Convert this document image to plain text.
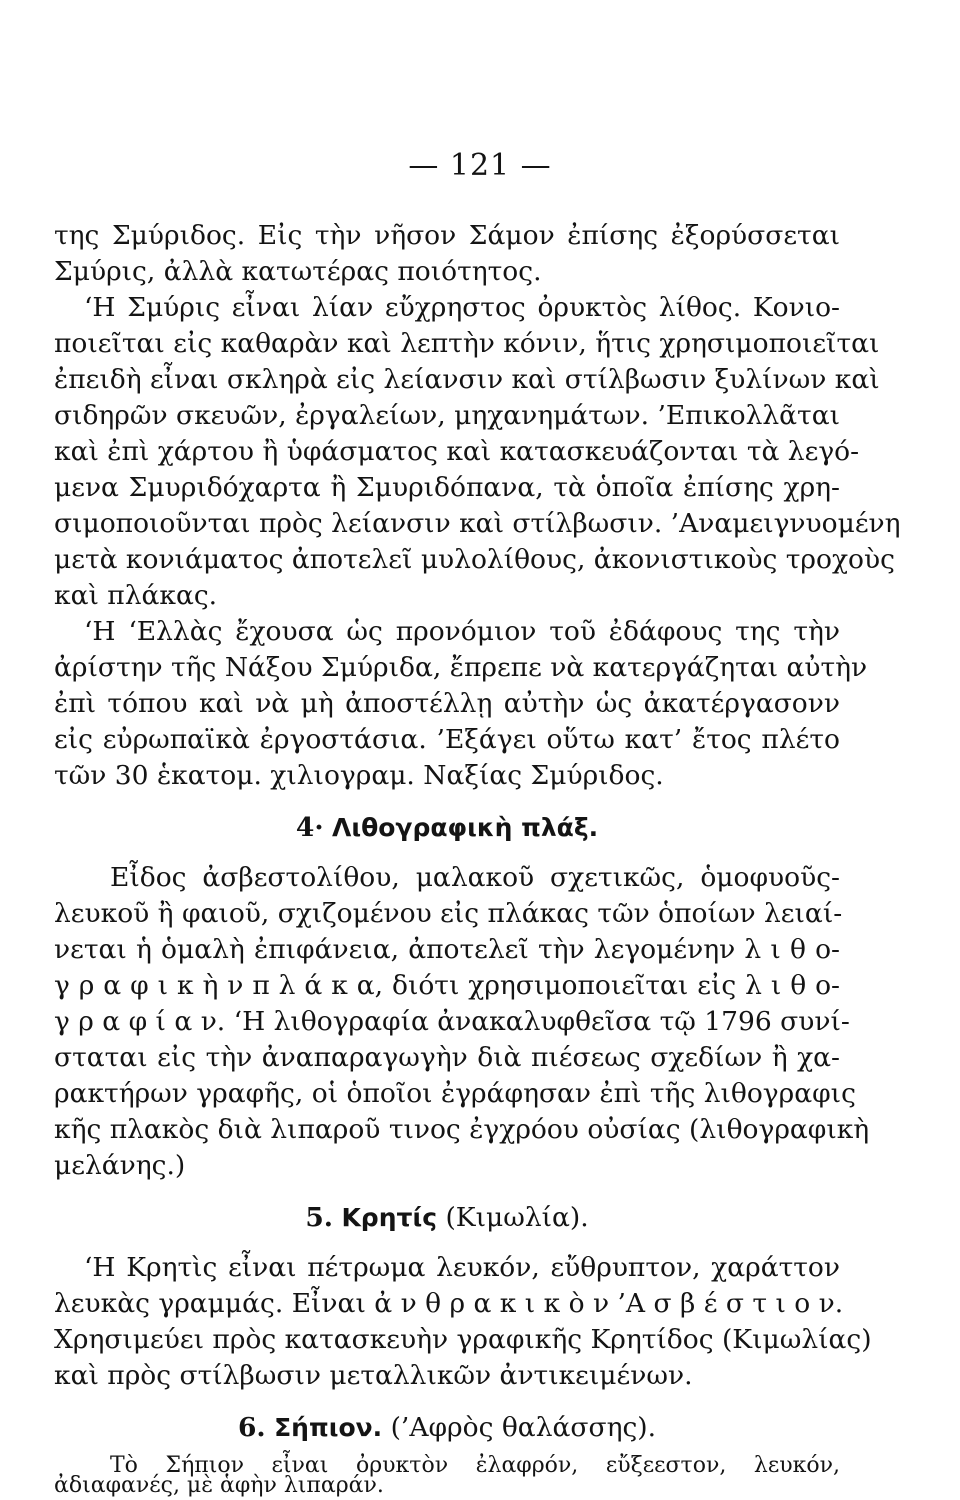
— 121 —
της Σμύριδος. Εἰς τὴν νῆσον Σάμον ἐπίσης ἐξορύσσεται
Σμύρις, ἀλλὰ κατωτέρας ποιότητος.
‘Η Σμύρις εἶναι λίαν εὔχρηστος ὀρυκτὸς λίθος. Κονιο-
ποιεῖται εἰς καθαρὰν καὶ λεπτὴν κόνιν, ἥτις χρησιμοποιεῖται
ἐπειδὴ εἶναι σκληρὰ εἰς λείανσιν καὶ στίλβωσιν ξυλίνων καὶ
σιδηρῶν σκευῶν, ἐργαλείων, μηχανημάτων. ’Επικολλᾶται
καὶ ἐπὶ χάρτου ἢ ὑφάσματος καὶ κατασκευάζονται τὰ λεγό-
μενα Σμυριδόχαρτα ἢ Σμυριδόπανα, τὰ ὁποῖα ἐπίσης χρη-
σιμοποιοῦνται πρὸς λείανσιν καὶ στίλβωσιν. ’Αναμειγνυομένη
μετὰ κονιάματος ἀποτελεῖ μυλολίθους, ἀκονιστικοὺς τροχοὺς
καὶ πλάκας.
‘Η ‘Ελλὰς ἔχουσα ὡς προνόμιον τοῦ ἐδάφους της τὴν
ἀρίστην τῆς Νάξου Σμύριδα, ἔπρεπε νὰ κατεργάζηται αὐτὴν
ἐπὶ τόπου καὶ νὰ μὴ ἀποστέλλῃ αὐτὴν ὡς ἀκατέργασονν
εἰς εὐρωπαϊκὰ ἐργοστάσια. ’Εξάγει οὕτω κατ’ ἔτος πλέτο
τῶν 30 ἑκατομ. χιλιογραμ. Ναξίας Σμύριδος.
4· Λιθογραφικὴ πλάξ.
Εἶδος ἀσβεστολίθου, μαλακοῦ σχετικῶς, ὁμοφυοῦς-
λευκοῦ ἢ φαιοῦ, σχιζομένου εἰς πλάκας τῶν ὁποίων λειαί-
νεται ἡ ὁμαλὴ ἐπιφάνεια, ἀποτελεῖ τὴν λεγομένην λ ι θ ο-
γ ρ α φ ι κ ὴ ν π λ ά κ α, διότι χρησιμοποιεῖται εἰς λ ι θ ο-
γ ρ α φ ί α ν. ‘Η λιθογραφία ἀνακαλυφθεῖσα τῷ 1796 συνί-
σταται εἰς τὴν ἀναπαραγωγὴν διὰ πιέσεως σχεδίων ἢ χα-
ρακτήρων γραφῆς, οἱ ὁποῖοι ἐγράφησαν ἐπὶ τῆς λιθογραφις
κῆς πλακὸς διὰ λιπαροῦ τινος ἐγχρόου οὐσίας (λιθογραφικὴ
μελάνης.)
5. Κρητίς (Κιμωλία).
‘Η Κρητὶς εἶναι πέτρωμα λευκόν, εὔθρυπτον, χαράττον
λευκὰς γραμμάς. Εἶναι ἀ ν θ ρ α κ ι κ ὸ ν ’Α σ β έ σ τ ι ο ν.
Χρησιμεύει πρὸς κατασκευὴν γραφικῆς Κρητίδος (Κιμωλίας)
καὶ πρὸς στίλβωσιν μεταλλικῶν ἀντικειμένων.
6. Σήπιον. (’Αφρὸς θαλάσσης).
Τὸ Σήπιον εἶναι ὀρυκτὸν ἐλαφρόν, εὔξεεστον, λευκόν,
ἀδιαφανές, μὲ ἁφὴν λιπαράν.
